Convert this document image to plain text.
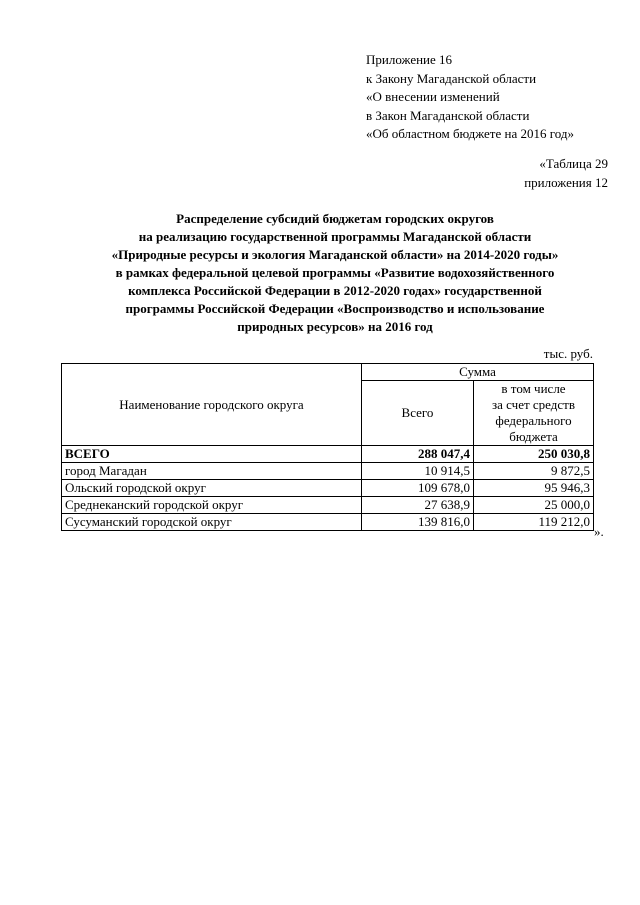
Приложение 16
к Закону Магаданской области
«О внесении изменений
в Закон Магаданской области
«Об областном бюджете на 2016 год»
«Таблица 29
приложения 12
Распределение субсидий бюджетам городских округов
на реализацию государственной программы Магаданской области
«Природные ресурсы и экология Магаданской области» на 2014-2020 годы»
в рамках федеральной целевой программы «Развитие водохозяйственного
комплекса Российской Федерации в 2012-2020 годах» государственной
программы Российской Федерации «Воспроизводство и использование
природных ресурсов» на 2016 год
тыс. руб.
Наименование городского округа	Сумма	
	Всего	в том числе
за счет средств
федерального
бюджета

ВСЕГО	288 047,4	250 030,8
город Магадан	10 914,5	9 872,5
Ольский городской округ	109 678,0	95 946,3
Среднеканский городской округ	27 638,9	25 000,0
Сусуманский городской округ	139 816,0	119 212,0
».
